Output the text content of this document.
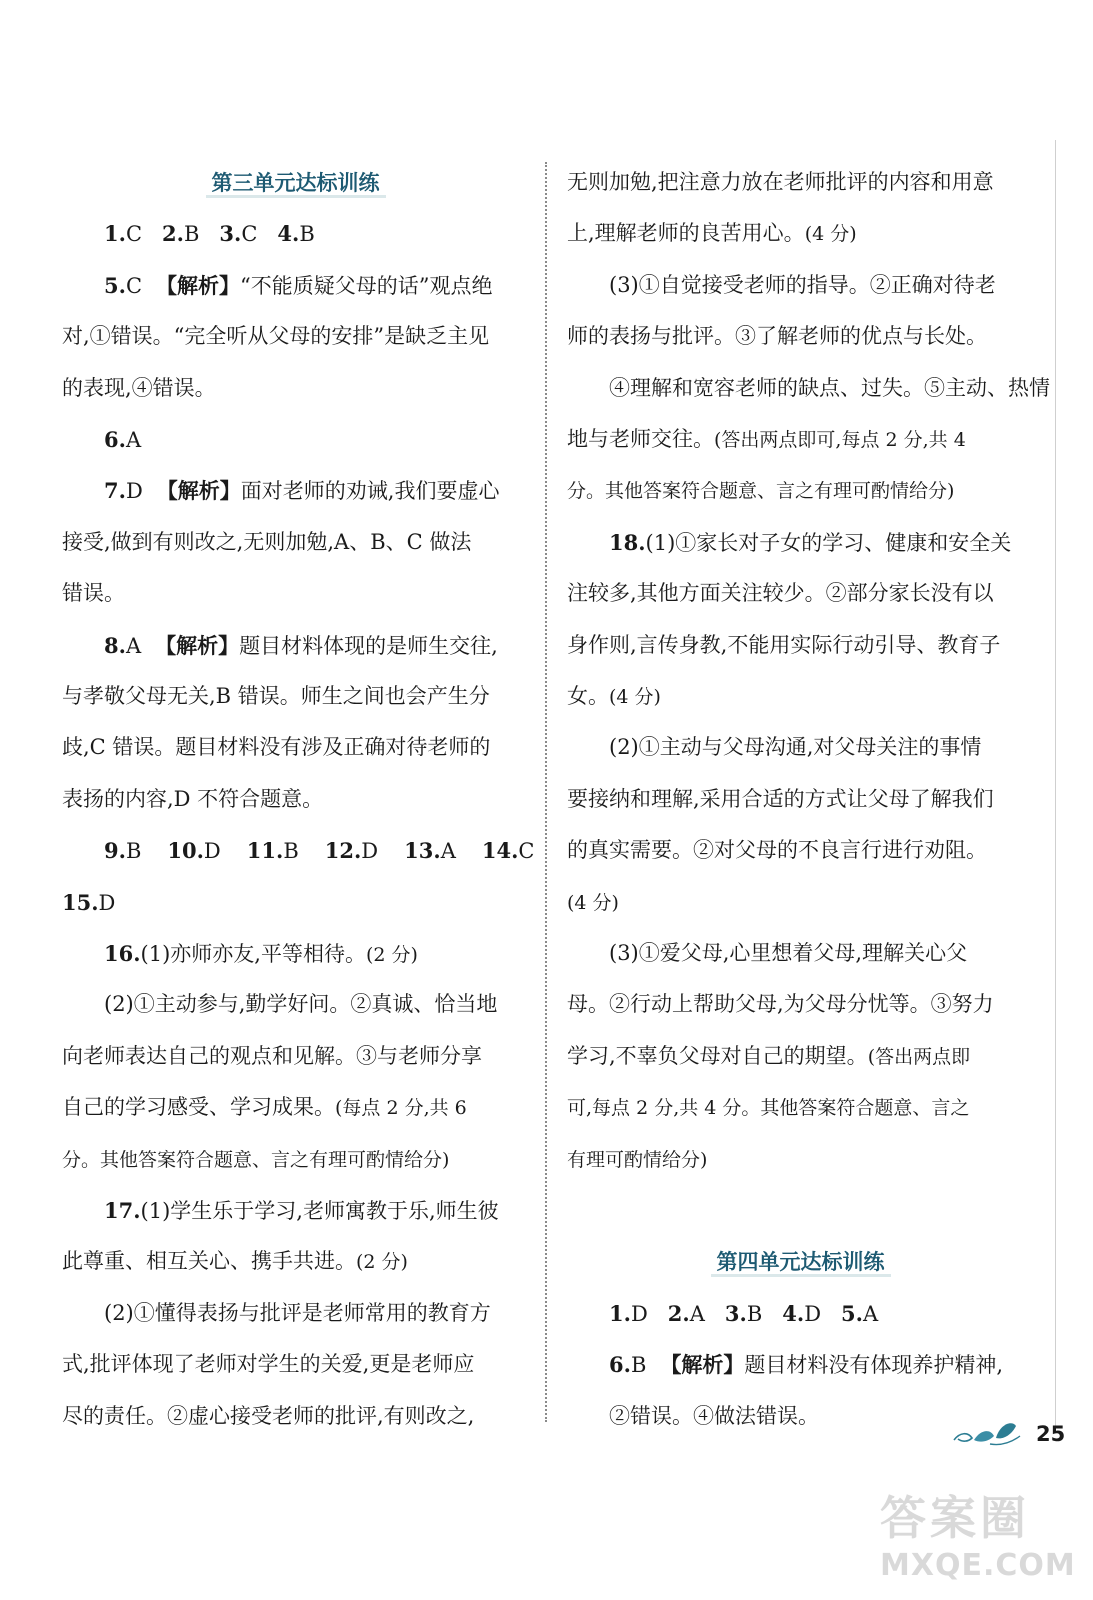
第三单元达标训练
1.C 2.B 3.C 4.B
5.C 【解析】“不能质疑父母的话”观点绝
对,①错误。“完全听从父母的安排”是缺乏主见
的表现,④错误。
6.A
7.D 【解析】面对老师的劝诫,我们要虚心
接受,做到有则改之,无则加勉,A、B、C 做法
错误。
8.A 【解析】题目材料体现的是师生交往,
与孝敬父母无关,B 错误。师生之间也会产生分
歧,C 错误。题目材料没有涉及正确对待老师的
表扬的内容,D 不符合题意。
9.B 10.D 11.B 12.D 13.A 14.C
15.D
16.(1)亦师亦友,平等相待。(2 分)
(2)①主动参与,勤学好问。②真诚、恰当地
向老师表达自己的观点和见解。③与老师分享
自己的学习感受、学习成果。(每点 2 分,共 6
分。其他答案符合题意、言之有理可酌情给分)
17.(1)学生乐于学习,老师寓教于乐,师生彼
此尊重、相互关心、携手共进。(2 分)
(2)①懂得表扬与批评是老师常用的教育方
式,批评体现了老师对学生的关爱,更是老师应
尽的责任。②虚心接受老师的批评,有则改之,
无则加勉,把注意力放在老师批评的内容和用意
上,理解老师的良苦用心。(4 分)
(3)①自觉接受老师的指导。②正确对待老
师的表扬与批评。③了解老师的优点与长处。
④理解和宽容老师的缺点、过失。⑤主动、热情
地与老师交往。(答出两点即可,每点 2 分,共 4
分。其他答案符合题意、言之有理可酌情给分)
18.(1)①家长对子女的学习、健康和安全关
注较多,其他方面关注较少。②部分家长没有以
身作则,言传身教,不能用实际行动引导、教育子
女。(4 分)
(2)①主动与父母沟通,对父母关注的事情
要接纳和理解,采用合适的方式让父母了解我们
的真实需要。②对父母的不良言行进行劝阻。
(4 分)
(3)①爱父母,心里想着父母,理解关心父
母。②行动上帮助父母,为父母分忧等。③努力
学习,不辜负父母对自己的期望。(答出两点即
可,每点 2 分,共 4 分。其他答案符合题意、言之
有理可酌情给分)
第四单元达标训练
1.D 2.A 3.B 4.D 5.A
6.B 【解析】题目材料没有体现养护精神,
②错误。④做法错误。
25
答案圈
MXQE.COM
